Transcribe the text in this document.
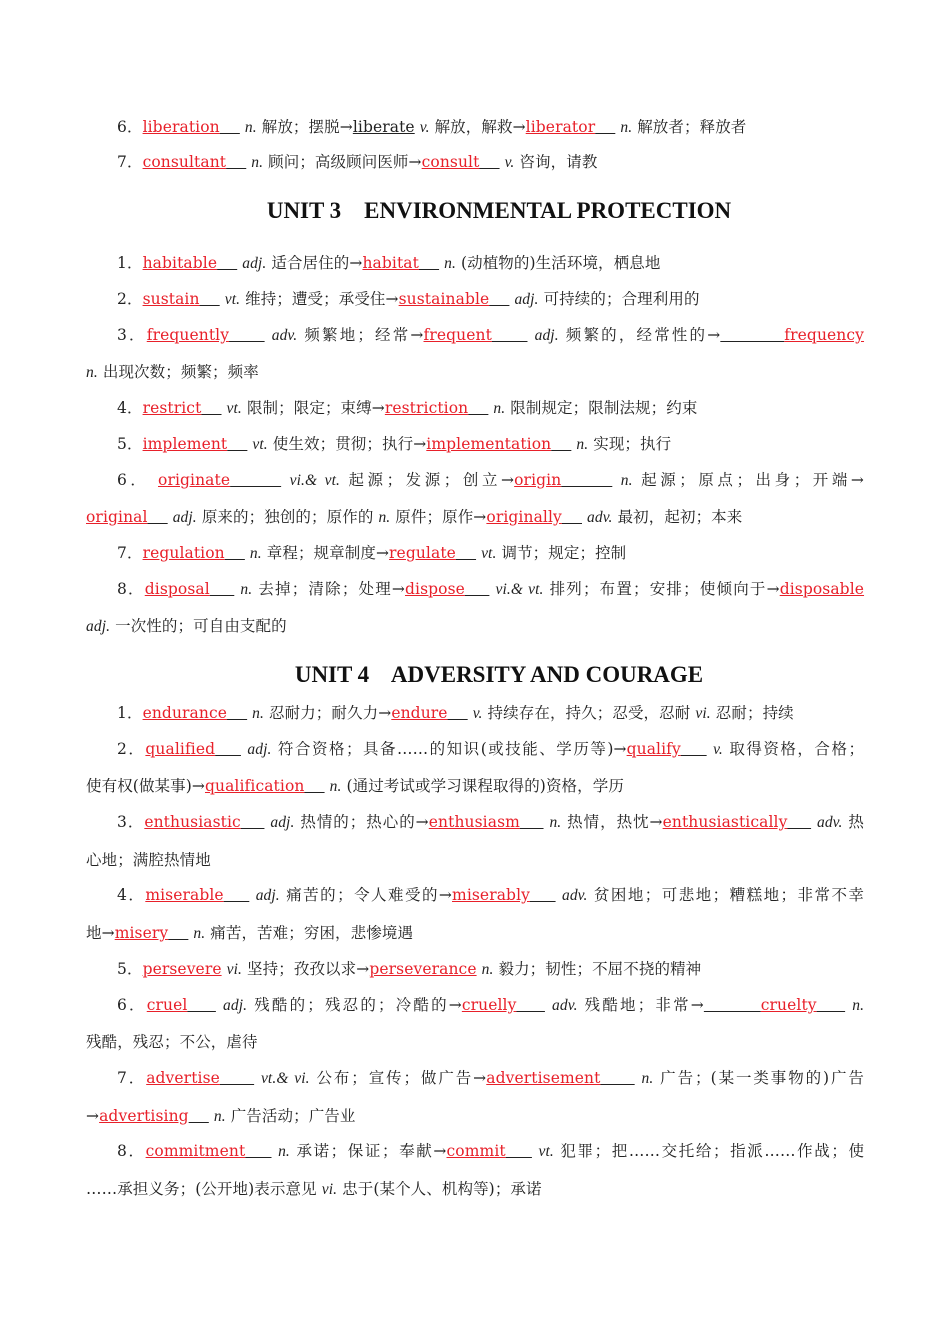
6．liberation n. 解放；摆脱→liberate v. 解放，解救→liberator n. 解放者；释放者
7．consultant n. 顾问；高级顾问医师→consult v. 咨询，请教
UNIT 3    ENVIRONMENTAL PROTECTION
1．habitable adj. 适合居住的→habitat n. (动植物的)生活环境，栖息地
2．sustain vt. 维持；遭受；承受住→sustainable adj. 可持续的；合理利用的
3．frequently	adv. 频繁地；经常→frequent	adj. 频繁的，经常性的→	frequency
n. 出现次数；频繁；频率
4．restrict vt. 限制；限定；束缚→restriction n. 限制规定；限制法规；约束
5．implement vt. 使生效；贯彻；执行→implementation n. 实现；执行
6． originate	vi.& vt. 起源；发源；创立→origin	n. 起源；原点；出身；开端→
original adj. 原来的；独创的；原作的 n. 原件；原作→originally adv. 最初，起初；本来
7．regulation n. 章程；规章制度→regulate vt. 调节；规定；控制
8．disposal n. 去掉；清除；处理→dispose vi.& vt. 排列；布置；安排；使倾向于→disposable
adj. 一次性的；可自由支配的
UNIT 4    ADVERSITY AND COURAGE
1．endurance n. 忍耐力；耐久力→endure v. 持续存在，持久；忍受，忍耐 vi. 忍耐；持续
2．qualified adj. 符合资格；具备……的知识(或技能、学历等)→qualify v. 取得资格，合格；
使有权(做某事)→qualification n. (通过考试或学习课程取得的)资格，学历
3．enthusiastic adj. 热情的；热心的→enthusiasm n. 热情，热忱→enthusiastically adv. 热
心地；满腔热情地
4．miserable adj. 痛苦的；令人难受的→miserably adv. 贫困地；可悲地；糟糕地；非常不幸
地→misery n. 痛苦，苦难；穷困，悲惨境遇
5．persevere vi. 坚持；孜孜以求→perseverance n. 毅力；韧性；不屈不挠的精神
6．cruel adj. 残酷的；残忍的；冷酷的→cruelly adv. 残酷地；非常→	cruelty n.
残酷，残忍；不公，虐待
7．advertise	vt.& vi. 公布；宣传；做广告→advertisement	n. 广告；(某一类事物的)广告
→advertising n. 广告活动；广告业
8．commitment n. 承诺；保证；奉献→commit vt. 犯罪；把……交托给；指派……作战；使
……承担义务；(公开地)表示意见 vi. 忠于(某个人、机构等)；承诺
